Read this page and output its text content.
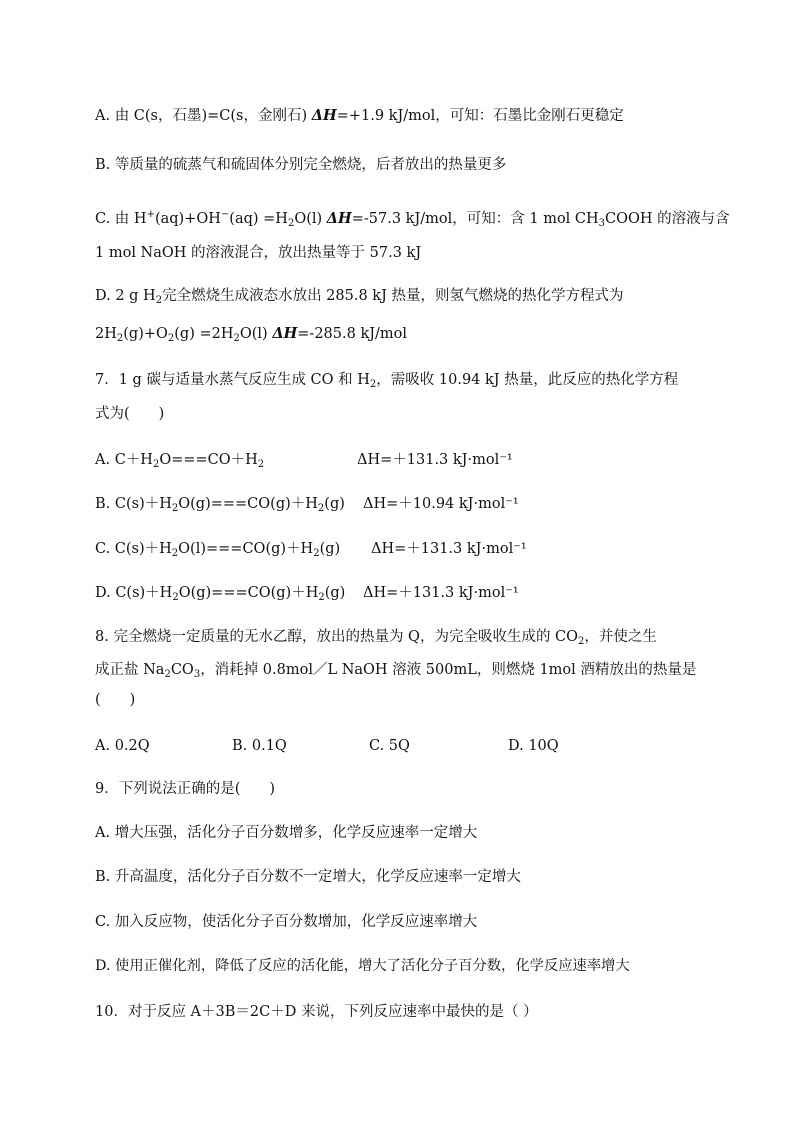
A. 由 C(s，石墨)=C(s，金刚石) ΔH=+1.9 kJ/mol，可知：石墨比金刚石更稳定
B. 等质量的硫蒸气和硫固体分别完全燃烧，后者放出的热量更多
C. 由 $H^+(aq)+OH^-(aq) =H_2O(l)$ ΔH=-57.3 kJ/mol，可知：含 1 mol $CH_3COOH$ 的溶液与含
1 mol NaOH 的溶液混合，放出热量等于 57.3 kJ
D. 2 g $H_2$完全燃烧生成液态水放出 285.8 kJ 热量，则氢气燃烧的热化学方程式为
$2H_2(g)+O_2(g) =2H_2O(l)$ ΔH=-285.8 kJ/mol
7．1 g 碳与适量水蒸气反应生成 CO 和 $H_2$，需吸收 10.94 kJ 热量，此反应的热化学方程
式为(　　)
A. $C+H_2O===CO+H_2$	ΔH=＋131.3 kJ·mol⁻¹
B. $C(s)+H_2O(g)===CO(g)+H_2(g)$ ΔH=＋10.94 kJ·mol⁻¹
C. $C(s)+H_2O(l)===CO(g)+H_2(g)$ ΔH=＋131.3 kJ·mol⁻¹
D. $C(s)+H_2O(g)===CO(g)+H_2(g)$ ΔH=＋131.3 kJ·mol⁻¹
8. 完全燃烧一定质量的无水乙醇，放出的热量为 Q，为完全吸收生成的 $CO_2$，并使之生
成正盐 $Na_2CO_3$，消耗掉 0.8mol／L NaOH 溶液 500mL，则燃烧 1mol 酒精放出的热量是
(　　)
A. 0.2Q	B. 0.1Q	C. 5Q	D. 10Q
9．下列说法正确的是(　　)
A. 增大压强，活化分子百分数增多，化学反应速率一定增大
B. 升高温度，活化分子百分数不一定增大，化学反应速率一定增大
C. 加入反应物，使活化分子百分数增加，化学反应速率增大
D. 使用正催化剂，降低了反应的活化能，增大了活化分子百分数，化学反应速率增大
10．对于反应 A＋3B＝2C＋D 来说，下列反应速率中最快的是（ ）
